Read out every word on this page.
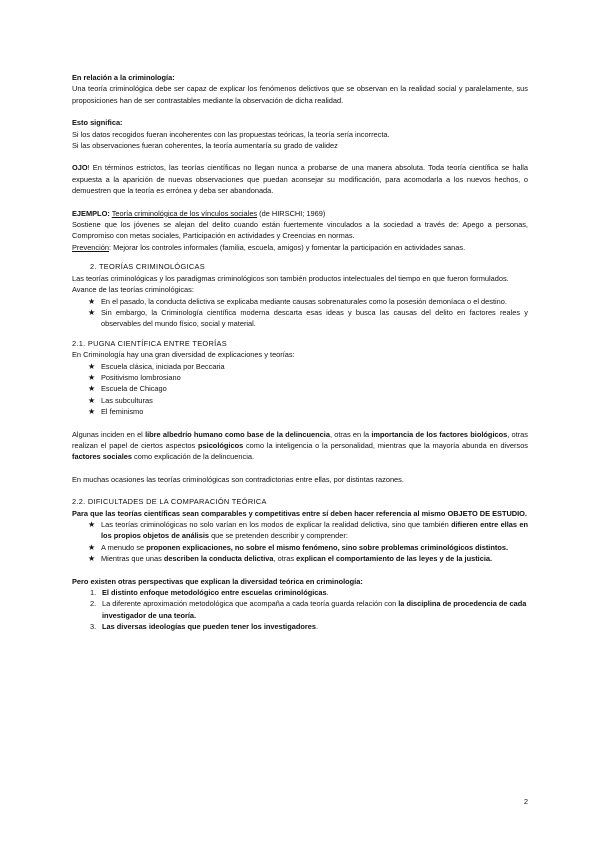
En relación a la criminología:

Una teoría criminológica debe ser capaz de explicar los fenómenos delictivos que se observan en la realidad social y paralelamente, sus proposiciones han de ser contrastables mediante la observación de dicha realidad.

Esto significa:

Si los datos recogidos fueran incoherentes con las propuestas teóricas, la teoría sería incorrecta.

Si las observaciones fueran coherentes, la teoría aumentaría su grado de validez

OJO! En términos estrictos, las teorías científicas no llegan nunca a probarse de una manera absoluta. Toda teoría científica se halla expuesta a la aparición de nuevas observaciones que puedan aconsejar su modificación, para acomodarla a los nuevos hechos, o demuestren que la teoría es errónea y deba ser abandonada.

EJEMPLO: Teoría criminológica de los vínculos sociales (de HIRSCHI; 1969)

Sostiene que los jóvenes se alejan del delito cuando están fuertemente vinculados a la sociedad a través de: Apego a personas, Compromiso con metas sociales, Participación en actividades y Creencias en normas.

Prevención: Mejorar los controles informales (familia, escuela, amigos) y fomentar la participación en actividades sanas.

2. TEORÍAS CRIMINOLÓGICAS

Las teorías criminológicas y los paradigmas criminológicos son también productos intelectuales del tiempo en que fueron formulados.

Avance de las teorías criminológicas:

★ En el pasado, la conducta delictiva se explicaba mediante causas sobrenaturales como la posesión demoníaca o el destino.
★ Sin embargo, la Criminología científica moderna descarta esas ideas y busca las causas del delito en factores reales y observables del mundo físico, social y material.

2.1. PUGNA CIENTÍFICA ENTRE TEORÍAS

En Criminología hay una gran diversidad de explicaciones y teorías:

★ Escuela clásica, iniciada por Beccaria
★ Positivismo lombrosiano
★ Escuela de Chicago
★ Las subculturas
★ El feminismo

Algunas inciden en el libre albedrío humano como base de la delincuencia, otras en la importancia de los factores biológicos, otras realizan el papel de ciertos aspectos psicológicos como la inteligencia o la personalidad, mientras que la mayoría abunda en diversos factores sociales como explicación de la delincuencia.

En muchas ocasiones las teorías criminológicas son contradictorias entre ellas, por distintas razones.

2.2. DIFICULTADES DE LA COMPARACIÓN TEÓRICA

Para que las teorías científicas sean comparables y competitivas entre sí deben hacer referencia al mismo OBJETO DE ESTUDIO.

★ Las teorías criminológicas no solo varían en los modos de explicar la realidad delictiva, sino que también difieren entre ellas en los propios objetos de análisis que se pretenden describir y comprender:
★ A menudo se proponen explicaciones, no sobre el mismo fenómeno, sino sobre problemas criminológicos distintos.
★ Mientras que unas describen la conducta delictiva, otras explican el comportamiento de las leyes y de la justicia.

Pero existen otras perspectivas que explican la diversidad teórica en criminología:

1. El distinto enfoque metodológico entre escuelas criminológicas.
2. La diferente aproximación metodológica que acompaña a cada teoría guarda relación con la disciplina de procedencia de cada investigador de una teoría.
3. Las diversas ideologías que pueden tener los investigadores.
2
